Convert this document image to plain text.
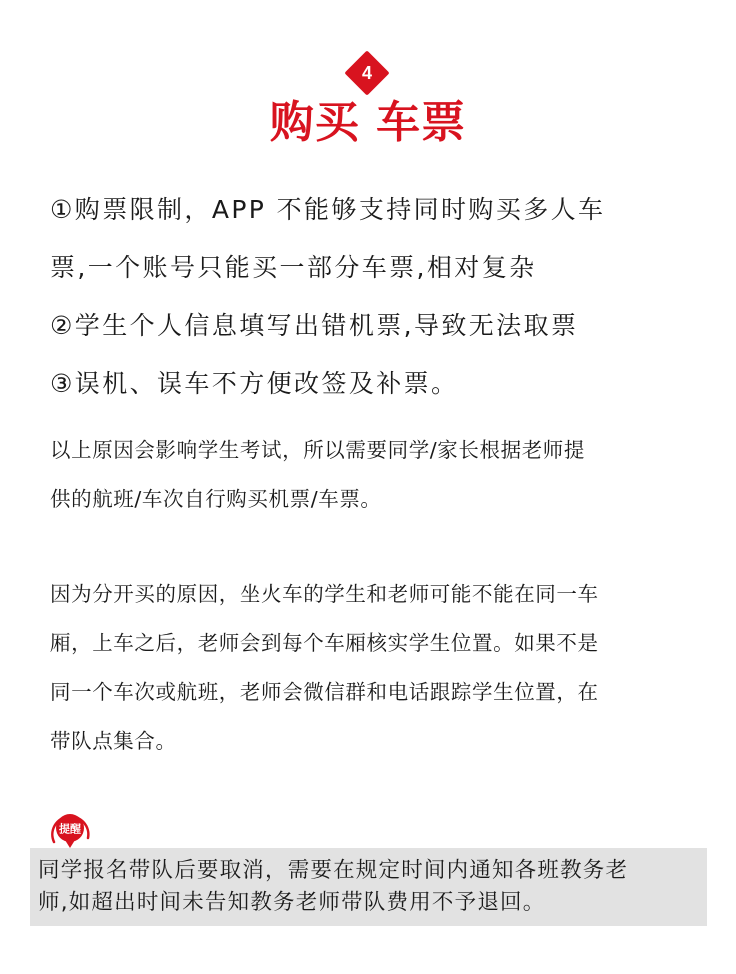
4
购买 车票

①购票限制，APP 不能够支持同时购买多人车

票,一个账号只能买一部分车票,相对复杂

②学生个人信息填写出错机票,导致无法取票

③误机、误车不方便改签及补票。

以上原因会影响学生考试，所以需要同学/家长根据老师提

供的航班/车次自行购买机票/车票。

因为分开买的原因，坐火车的学生和老师可能不能在同一车

厢，上车之后，老师会到每个车厢核实学生位置。如果不是

同一个车次或航班，老师会微信群和电话跟踪学生位置，在

带队点集合。

提醒

同学报名带队后要取消，需要在规定时间内通知各班教务老

师,如超出时间未告知教务老师带队费用不予退回。
